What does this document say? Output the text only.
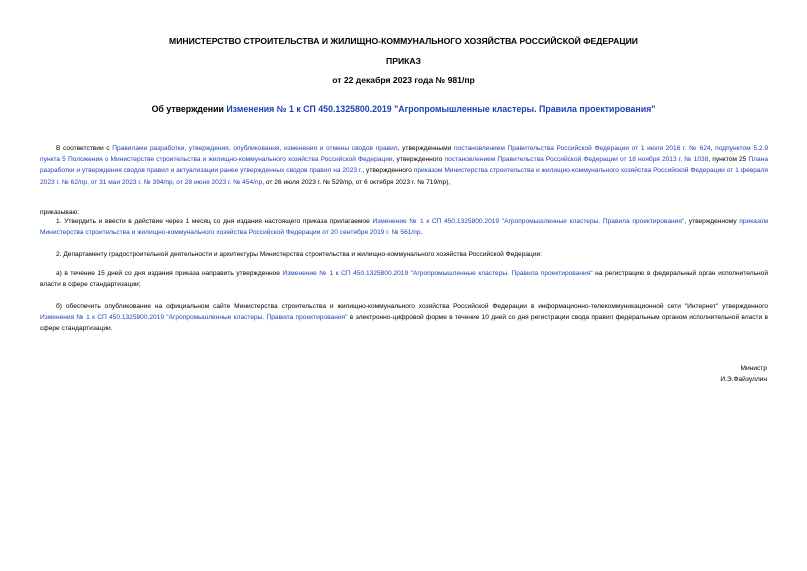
МИНИСТЕРСТВО СТРОИТЕЛЬСТВА И ЖИЛИЩНО-КОММУНАЛЬНОГО ХОЗЯЙСТВА РОССИЙСКОЙ ФЕДЕРАЦИИ
ПРИКАЗ
от 22 декабря 2023 года № 981/пр
Об утверждении Изменения № 1 к СП 450.1325800.2019 "Агропромышленные кластеры. Правила проектирования"
В соответствии с Правилами разработки, утверждения, опубликования, изменения и отмены сводов правил, утвержденными постановлением Правительства Российской Федерации от 1 июля 2016 г. № 624, подпунктом 5.2.9 пункта 5 Положения о Министерстве строительства и жилищно-коммунального хозяйства Российской Федерации, утвержденного постановлением Правительства Российской Федерации от 18 ноября 2013 г. № 1038, пунктом 25 Плана разработки и утверждения сводов правил и актуализации ранее утвержденных сводов правил на 2023 г., утвержденного приказом Министерства строительства и жилищно-коммунального хозяйства Российской Федерации от 1 февраля 2023 г. № 62/пр, от 31 мая 2023 г. № 394/пр, от 28 июня 2023 г. № 454/пр, от 26 июля 2023 г. № 529/пр, от 6 октября 2023 г. № 719/пр),
приказываю:
1. Утвердить и ввести в действие через 1 месяц со дня издания настоящего приказа прилагаемое Изменение № 1 к СП 450.1325800.2019 "Агропромышленные кластеры. Правила проектирования", утвержденному приказом Министерства строительства и жилищно-коммунального хозяйства Российской Федерации от 20 сентября 2019 г. № 561/пр.
2. Департаменту градостроительной деятельности и архитектуры Министерства строительства и жилищно-коммунального хозяйства Российской Федерации:
а) в течение 15 дней со дня издания приказа направить утвержденное Изменение № 1 к СП 450.1325800.2019 "Агропромышленные кластеры. Правила проектирования" на регистрацию в федеральный орган исполнительной власти в сфере стандартизации;
б) обеспечить опубликование на официальном сайте Министерства строительства и жилищно-коммунального хозяйства Российской Федерации в информационно-телекоммуникационной сети "Интернет" утвержденного Изменения № 1 к СП 450.1325800.2019 "Агропромышленные кластеры. Правила проектирования" в электронно-цифровой форме в течение 10 дней со дня регистрации свода правил федеральным органом исполнительной власти в сфере стандартизации.
Министр
И.Э.Файзуллин
